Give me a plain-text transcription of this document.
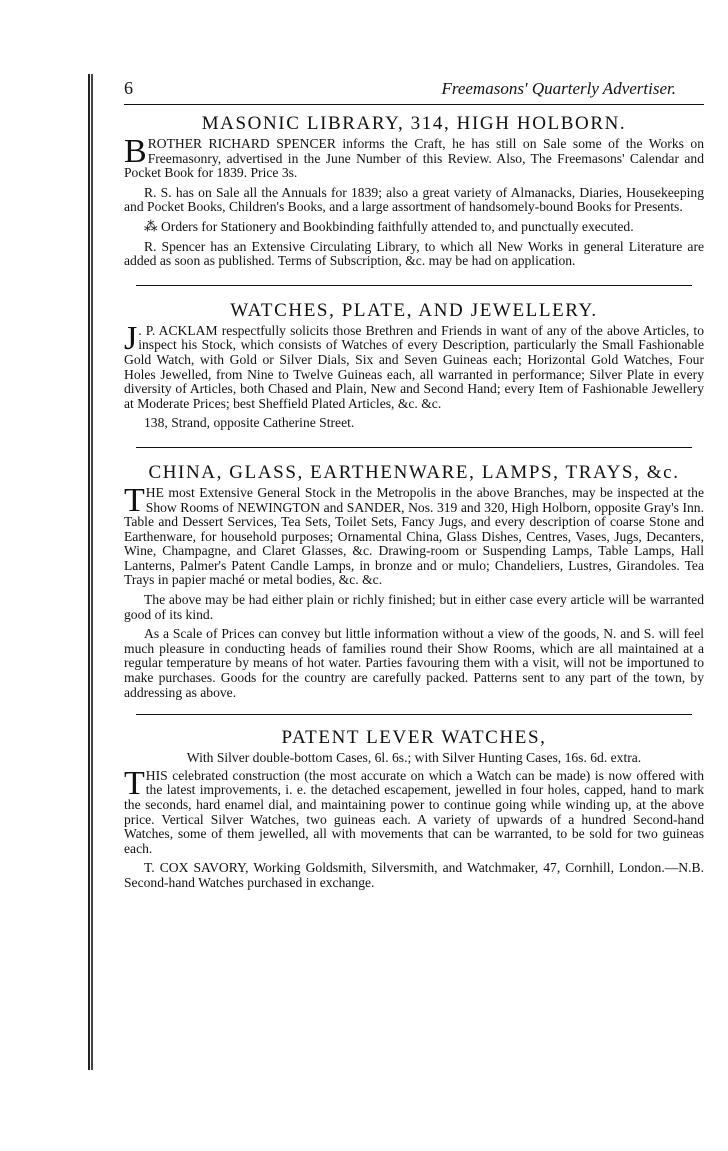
6	Freemasons' Quarterly Advertiser.
MASONIC LIBRARY, 314, HIGH HOLBORN.

BROTHER RICHARD SPENCER informs the Craft, he has still on Sale some of the Works on Freemasonry, advertised in the June Number of this Review. Also, The Freemasons' Calendar and Pocket Book for 1839. Price 3s.

R. S. has on Sale all the Annuals for 1839; also a great variety of Almanacks, Diaries, Housekeeping and Pocket Books, Children's Books, and a large assortment of handsomely-bound Books for Presents.

⁂ Orders for Stationery and Bookbinding faithfully attended to, and punctually executed.

R. Spencer has an Extensive Circulating Library, to which all New Works in general Literature are added as soon as published. Terms of Subscription, &c. may be had on application.

WATCHES, PLATE, AND JEWELLERY.

J . P. ACKLAM respectfully solicits those Brethren and Friends in want of any of the above Articles, to inspect his Stock, which consists of Watches of every Description, particularly the Small Fashionable Gold Watch, with Gold or Silver Dials, Six and Seven Guineas each; Horizontal Gold Watches, Four Holes Jewelled, from Nine to Twelve Guineas each, all warranted in performance; Silver Plate in every diversity of Articles, both Chased and Plain, New and Second Hand; every Item of Fashionable Jewellery at Moderate Prices; best Sheffield Plated Articles, &c. &c.

138, Strand, opposite Catherine Street.

CHINA, GLASS, EARTHENWARE, LAMPS, TRAYS, &c.

THE most Extensive General Stock in the Metropolis in the above Branches, may be inspected at the Show Rooms of NEWINGTON and SANDER, Nos. 319 and 320, High Holborn, opposite Gray's Inn. Table and Dessert Services, Tea Sets, Toilet Sets, Fancy Jugs, and every description of coarse Stone and Earthenware, for household purposes; Ornamental China, Glass Dishes, Centres, Vases, Jugs, Decanters, Wine, Champagne, and Claret Glasses, &c. Drawing-room or Suspending Lamps, Table Lamps, Hall Lanterns, Palmer's Patent Candle Lamps, in bronze and or mulo; Chandeliers, Lustres, Girandoles. Tea Trays in papier maché or metal bodies, &c. &c.

The above may be had either plain or richly finished; but in either case every article will be warranted good of its kind.

As a Scale of Prices can convey but little information without a view of the goods, N. and S. will feel much pleasure in conducting heads of families round their Show Rooms, which are all maintained at a regular temperature by means of hot water. Parties favouring them with a visit, will not be importuned to make purchases. Goods for the country are carefully packed. Patterns sent to any part of the town, by addressing as above.

PATENT LEVER WATCHES,

With Silver double-bottom Cases, 6l. 6s.; with Silver Hunting Cases, 16s. 6d. extra.

THIS celebrated construction (the most accurate on which a Watch can be made) is now offered with the latest improvements, i. e. the detached escapement, jewelled in four holes, capped, hand to mark the seconds, hard enamel dial, and maintaining power to continue going while winding up, at the above price. Vertical Silver Watches, two guineas each. A variety of upwards of a hundred Second-hand Watches, some of them jewelled, all with movements that can be warranted, to be sold for two guineas each.

T. COX SAVORY, Working Goldsmith, Silversmith, and Watchmaker, 47, Cornhill, London.—N.B. Second-hand Watches purchased in exchange.
